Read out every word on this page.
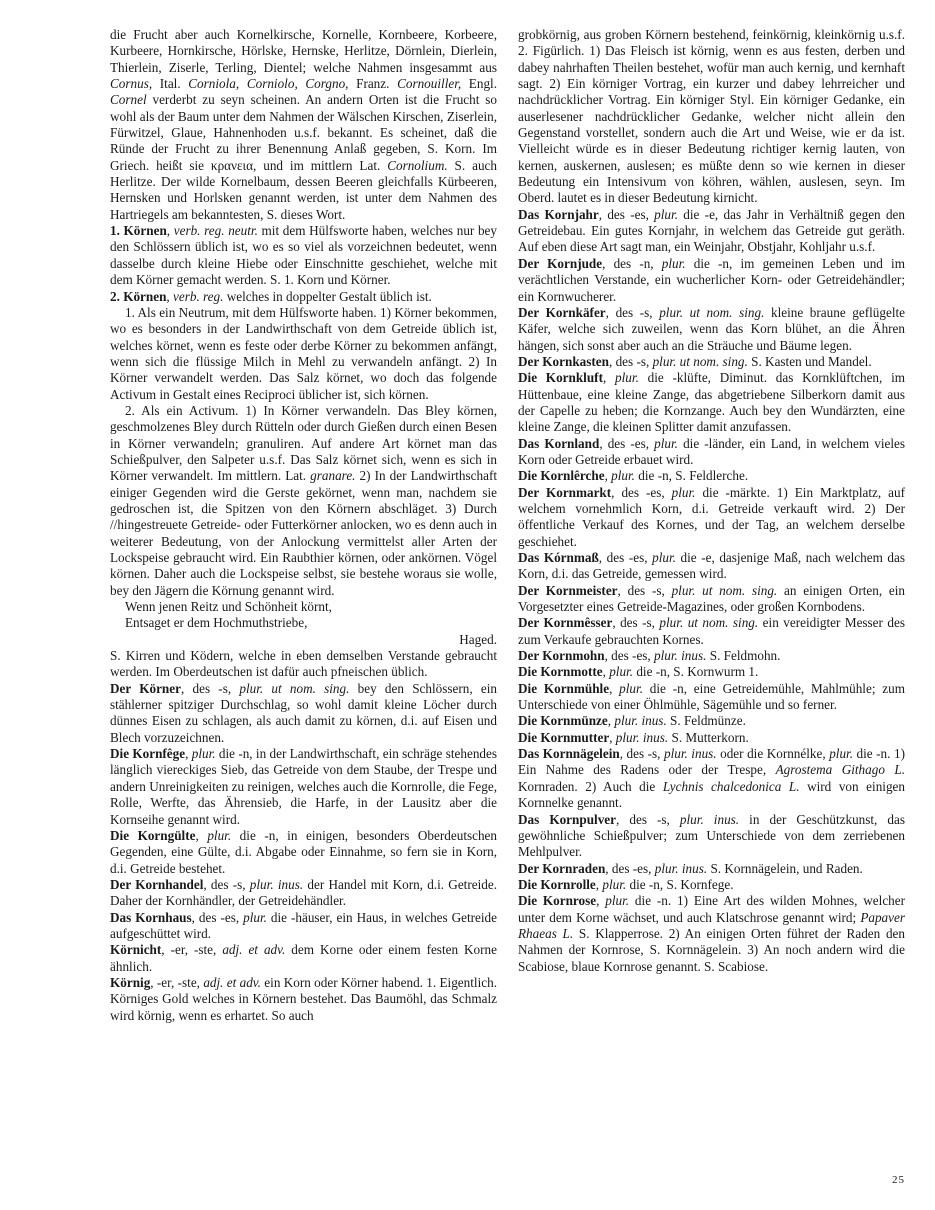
die Frucht aber auch Kornelkirsche, Kornelle, Kornbeere, Korbeere, Kurbeere, Hornkirsche, Hörlske, Hernske, Herlitze, Dörnlein, Dierlein, Thierlein, Ziserle, Terling, Dientel; welche Nahmen insgesammt aus Cornus, Ital. Corniola, Corniolo, Corgno, Franz. Cornouiller, Engl. Cornel verderbt zu seyn scheinen. An andern Orten ist die Frucht so wohl als der Baum unter dem Nahmen der Wälschen Kirschen, Ziserlein, Fürwitzel, Glaue, Hahnenhoden u.s.f. bekannt. Es scheinet, daß die Ründe der Frucht zu ihrer Benennung Anlaß gegeben, S. Korn. Im Griech. heißt sie κρανεια, und im mittlern Lat. Cornolium. S. auch Herlitze. Der wilde Kornelbaum, dessen Beeren gleichfalls Kürbeeren, Hernsken und Horlsken genannt werden, ist unter dem Nahmen des Hartriegels am bekanntesten, S. dieses Wort.

1. Körnen, verb. reg. neutr. mit dem Hülfsworte haben, welches nur bey den Schlössern üblich ist, wo es so viel als vorzeichnen bedeutet, wenn dasselbe durch kleine Hiebe oder Einschnitte geschiehet, welche mit dem Körner gemacht werden. S. 1. Korn und Körner.

2. Körnen, verb. reg. welches in doppelter Gestalt üblich ist.

1. Als ein Neutrum, mit dem Hülfsworte haben. 1) Körner bekommen, wo es besonders in der Landwirthschaft von dem Getreide üblich ist, welches körnet, wenn es feste oder derbe Körner zu bekommen anfängt, wenn sich die flüssige Milch in Mehl zu verwandeln anfängt. 2) In Körner verwandelt werden. Das Salz körnet, wo doch das folgende Activum in Gestalt eines Reciproci üblicher ist, sich körnen.

2. Als ein Activum. 1) In Körner verwandeln. Das Bley körnen, geschmolzenes Bley durch Rütteln oder durch Gießen durch einen Besen in Körner verwandeln; granuliren. Auf andere Art körnet man das Schießpulver, den Salpeter u.s.f. Das Salz körnet sich, wenn es sich in Körner verwandelt. Im mittlern. Lat. granare. 2) In der Landwirthschaft einiger Gegenden wird die Gerste gekörnet, wenn man, nachdem sie gedroschen ist, die Spitzen von den Körnern abschläget. 3) Durch //hingestreuete Getreide- oder Futterkörner anlocken, wo es denn auch in weiterer Bedeutung, von der Anlockung vermittelst aller Arten der Lockspeise gebraucht wird. Ein Raubthier körnen, oder ankörnen. Vögel körnen. Daher auch die Lockspeise selbst, sie bestehe woraus sie wolle, bey den Jägern die Körnung genannt wird.

Wenn jenen Reitz und Schönheit körnt,

Entsaget er dem Hochmuthstriebe,

Haged.

S. Kirren und Ködern, welche in eben demselben Verstande gebraucht werden. Im Oberdeutschen ist dafür auch pfneischen üblich.

Der Körner, des -s, plur. ut nom. sing. bey den Schlössern, ein stählerner spitziger Durchschlag, so wohl damit kleine Löcher durch dünnes Eisen zu schlagen, als auch damit zu körnen, d.i. auf Eisen und Blech vorzuzeichnen.

Die Kornfêge, plur. die -n, in der Landwirthschaft, ein schräge stehendes länglich viereckiges Sieb, das Getreide von dem Staube, der Trespe und andern Unreinigkeiten zu reinigen, welches auch die Kornrolle, die Fege, Rolle, Werfte, das Ährensieb, die Harfe, in der Lausitz aber die Kornseihe genannt wird.

Die Korngülte, plur. die -n, in einigen, besonders Oberdeutschen Gegenden, eine Gülte, d.i. Abgabe oder Einnahme, so fern sie in Korn, d.i. Getreide bestehet.

Der Kornhandel, des -s, plur. inus. der Handel mit Korn, d.i. Getreide. Daher der Kornhändler, der Getreidehändler.

Das Kornhaus, des -es, plur. die -häuser, ein Haus, in welches Getreide aufgeschüttet wird.

Körnicht, -er, -ste, adj. et adv. dem Korne oder einem festen Korne ähnlich.

Körnig, -er, -ste, adj. et adv. ein Korn oder Körner habend. 1. Eigentlich. Körniges Gold welches in Körnern bestehet. Das Baumöhl, das Schmalz wird körnig, wenn es erhartet. So auch

grobkörnig, aus groben Körnern bestehend, feinkörnig, kleinkörnig u.s.f. 2. Figürlich. 1) Das Fleisch ist körnig, wenn es aus festen, derben und dabey nahrhaften Theilen bestehet, wofür man auch kernig, und kernhaft sagt. 2) Ein körniger Vortrag, ein kurzer und dabey lehrreicher und nachdrücklicher Vortrag. Ein körniger Styl. Ein körniger Gedanke, ein auserlesener nachdrücklicher Gedanke, welcher nicht allein den Gegenstand vorstellet, sondern auch die Art und Weise, wie er da ist. Vielleicht würde es in dieser Bedeutung richtiger kernig lauten, von kernen, auskernen, auslesen; es müßte denn so wie kernen in dieser Bedeutung ein Intensivum von köhren, wählen, auslesen, seyn. Im Oberd. lautet es in dieser Bedeutung kirnicht.

Das Kornjahr, des -es, plur. die -e, das Jahr in Verhältniß gegen den Getreidebau. Ein gutes Kornjahr, in welchem das Getreide gut geräth. Auf eben diese Art sagt man, ein Weinjahr, Obstjahr, Kohljahr u.s.f.

Der Kornjude, des -n, plur. die -n, im gemeinen Leben und im verächtlichen Verstande, ein wucherlicher Korn- oder Getreidehändler; ein Kornwucherer.

Der Kornkäfer, des -s, plur. ut nom. sing. kleine braune geflügelte Käfer, welche sich zuweilen, wenn das Korn blühet, an die Ähren hängen, sich sonst aber auch an die Sträuche und Bäume legen.

Der Kornkasten, des -s, plur. ut nom. sing. S. Kasten und Mandel.

Die Kornkluft, plur. die -klüfte, Diminut. das Kornklüftchen, im Hüttenbaue, eine kleine Zange, das abgetriebene Silberkorn damit aus der Capelle zu heben; die Kornzange. Auch bey den Wundärzten, eine kleine Zange, die kleinen Splitter damit anzufassen.

Das Kornland, des -es, plur. die -länder, ein Land, in welchem vieles Korn oder Getreide erbauet wird.

Die Kornlêrche, plur. die -n, S. Feldlerche.

Der Kornmarkt, des -es, plur. die -märkte. 1) Ein Marktplatz, auf welchem vornehmlich Korn, d.i. Getreide verkauft wird. 2) Der öffentliche Verkauf des Kornes, und der Tag, an welchem derselbe geschiehet.

Das Kórnmaß, des -es, plur. die -e, dasjenige Maß, nach welchem das Korn, d.i. das Getreide, gemessen wird.

Der Kornmeister, des -s, plur. ut nom. sing. an einigen Orten, ein Vorgesetzter eines Getreide-Magazines, oder großen Kornbodens.

Der Kornmêsser, des -s, plur. ut nom. sing. ein vereidigter Messer des zum Verkaufe gebrauchten Kornes.

Der Kornmohn, des -es, plur. inus. S. Feldmohn.

Die Kornmotte, plur. die -n, S. Kornwurm 1.

Die Kornmühle, plur. die -n, eine Getreidemühle, Mahlmühle; zum Unterschiede von einer Öhlmühle, Sägemühle und so ferner.

Die Kornmünze, plur. inus. S. Feldmünze.

Die Kornmutter, plur. inus. S. Mutterkorn.

Das Kornnägelein, des -s, plur. inus. oder die Kornnélke, plur. die -n. 1) Ein Nahme des Radens oder der Trespe, Agrostema Githago L. Kornraden. 2) Auch die Lychnis chalcedonica L. wird von einigen Kornnelke genannt.

Das Kornpulver, des -s, plur. inus. in der Geschützkunst, das gewöhnliche Schießpulver; zum Unterschiede von dem zerriebenen Mehlpulver.

Der Kornraden, des -es, plur. inus. S. Kornnägelein, und Raden.

Die Kornrolle, plur. die -n, S. Kornfege.

Die Kornrose, plur. die -n. 1) Eine Art des wilden Mohnes, welcher unter dem Korne wächset, und auch Klatschrose genannt wird; Papaver Rhaeas L. S. Klapperrose. 2) An einigen Orten führet der Raden den Nahmen der Kornrose, S. Kornnägelein. 3) An noch andern wird die Scabiose, blaue Kornrose genannt. S. Scabiose.

25
